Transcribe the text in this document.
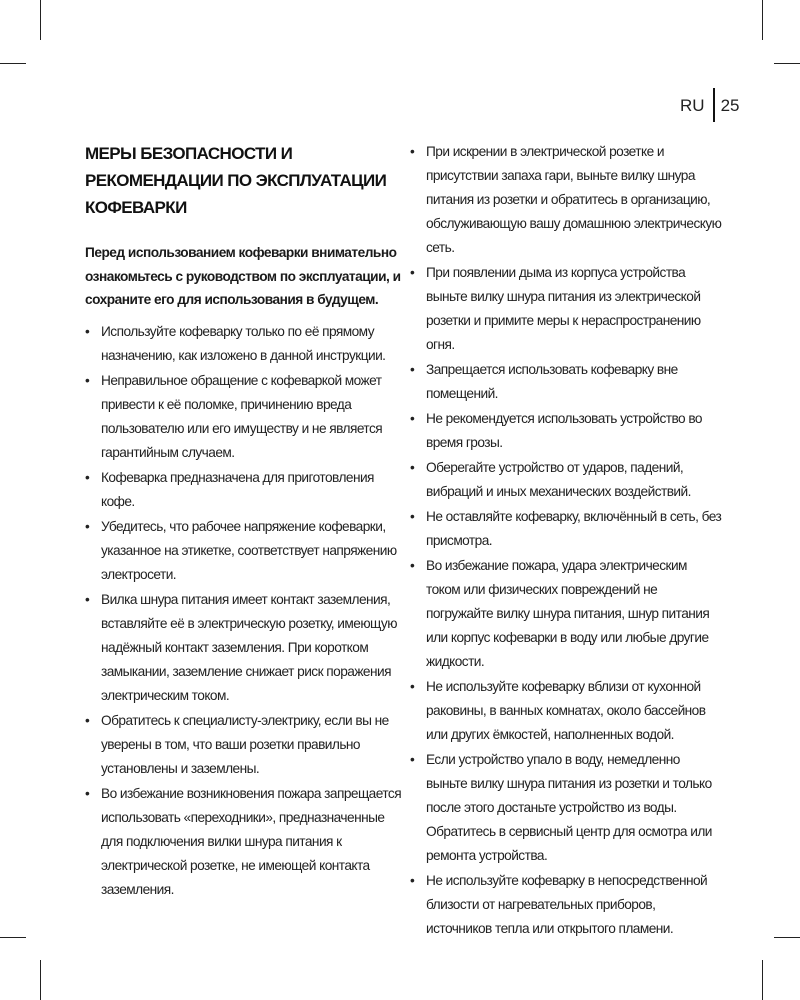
RU 25
МЕРЫ БЕЗОПАСНОСТИ И РЕКОМЕНДАЦИИ ПО ЭКСПЛУАТАЦИИ КОФЕВАРКИ

Перед использованием кофеварки внимательно ознакомьтесь с руководством по эксплуатации, и сохраните его для использования в будущем.

• Используйте кофеварку только по её прямому назначению, как изложено в данной инструкции.
• Неправильное обращение с кофеваркой может привести к её поломке, причинению вреда пользователю или его имуществу и не является гарантийным случаем.
• Кофеварка предназначена для приготовления кофе.
• Убедитесь, что рабочее напряжение кофеварки, указанное на этикетке, соответствует напряжению электросети.
• Вилка шнура питания имеет контакт заземления, вставляйте её в электрическую розетку, имеющую надёжный контакт заземления. При коротком замыкании, заземление снижает риск поражения электрическим током.
• Обратитесь к специалисту-электрику, если вы не уверены в том, что ваши розетки правильно установлены и заземлены.
• Во избежание возникновения пожара запрещается использовать «переходники», предназначенные для подключения вилки шнура питания к электрической розетке, не имеющей контакта заземления.
• При искрении в электрической розетке и присутствии запаха гари, выньте вилку шнура питания из розетки и обратитесь в организацию, обслуживающую вашу домашнюю электрическую сеть.
• При появлении дыма из корпуса устройства выньте вилку шнура питания из электрической розетки и примите меры к нераспространению огня.
• Запрещается использовать кофеварку вне помещений.
• Не рекомендуется использовать устройство во время грозы.
• Оберегайте устройство от ударов, падений, вибраций и иных механических воздействий.
• Не оставляйте кофеварку, включённый в сеть, без присмотра.
• Во избежание пожара, удара электрическим током или физических повреждений не погружайте вилку шнура питания, шнур питания или корпус кофеварки в воду или любые другие жидкости.
• Не используйте кофеварку вблизи от кухонной раковины, в ванных комнатах, около бассейнов или других ёмкостей, наполненных водой.
• Если устройство упало в воду, немедленно выньте вилку шнура питания из розетки и только после этого достаньте устройство из воды. Обратитесь в сервисный центр для осмотра или ремонта устройства.
• Не используйте кофеварку в непосредственной близости от нагревательных приборов, источников тепла или открытого пламени.
